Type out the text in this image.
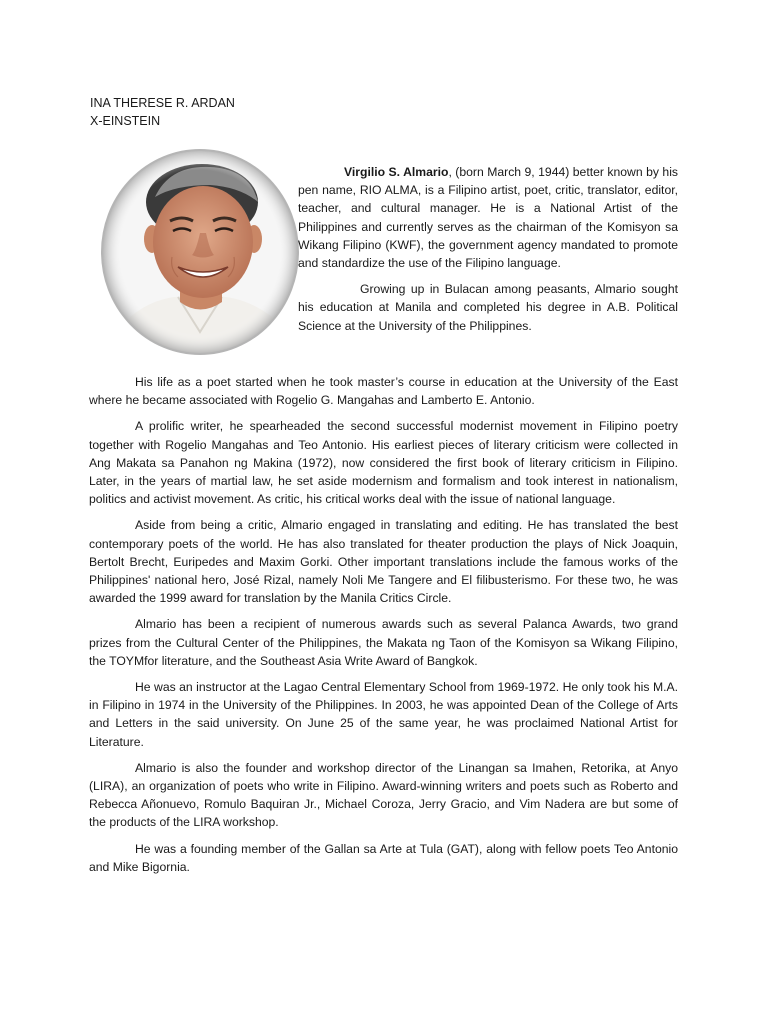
INA THERESE R. ARDAN
X-EINSTEIN

Virgilio S. Almario, (born March 9, 1944) better known by his pen name, RIO ALMA, is a Filipino artist, poet, critic, translator, editor, teacher, and cultural manager. He is a National Artist of the Philippines and currently serves as the chairman of the Komisyon sa Wikang Filipino (KWF), the government agency mandated to promote and standardize the use of the Filipino language.

Growing up in Bulacan among peasants, Almario sought his education at Manila and completed his degree in A.B. Political Science at the University of the Philippines.

His life as a poet started when he took master’s course in education at the University of the East where he became associated with Rogelio G. Mangahas and Lamberto E. Antonio.

A prolific writer, he spearheaded the second successful modernist movement in Filipino poetry together with Rogelio Mangahas and Teo Antonio. His earliest pieces of literary criticism were collected in Ang Makata sa Panahon ng Makina (1972), now considered the first book of literary criticism in Filipino. Later, in the years of martial law, he set aside modernism and formalism and took interest in nationalism, politics and activist movement. As critic, his critical works deal with the issue of national language.

Aside from being a critic, Almario engaged in translating and editing. He has translated the best contemporary poets of the world. He has also translated for theater production the plays of Nick Joaquin, Bertolt Brecht, Euripedes and Maxim Gorki. Other important translations include the famous works of the Philippines' national hero, José Rizal, namely Noli Me Tangere and El filibusterismo. For these two, he was awarded the 1999 award for translation by the Manila Critics Circle.

Almario has been a recipient of numerous awards such as several Palanca Awards, two grand prizes from the Cultural Center of the Philippines, the Makata ng Taon of the Komisyon sa Wikang Filipino, the TOYMfor literature, and the Southeast Asia Write Award of Bangkok.

He was an instructor at the Lagao Central Elementary School from 1969-1972. He only took his M.A. in Filipino in 1974 in the University of the Philippines. In 2003, he was appointed Dean of the College of Arts and Letters in the said university. On June 25 of the same year, he was proclaimed National Artist for Literature.

Almario is also the founder and workshop director of the Linangan sa Imahen, Retorika, at Anyo (LIRA), an organization of poets who write in Filipino. Award-winning writers and poets such as Roberto and Rebecca Añonuevo, Romulo Baquiran Jr., Michael Coroza, Jerry Gracio, and Vim Nadera are but some of the products of the LIRA workshop.

He was a founding member of the Gallan sa Arte at Tula (GAT), along with fellow poets Teo Antonio and Mike Bigornia.
